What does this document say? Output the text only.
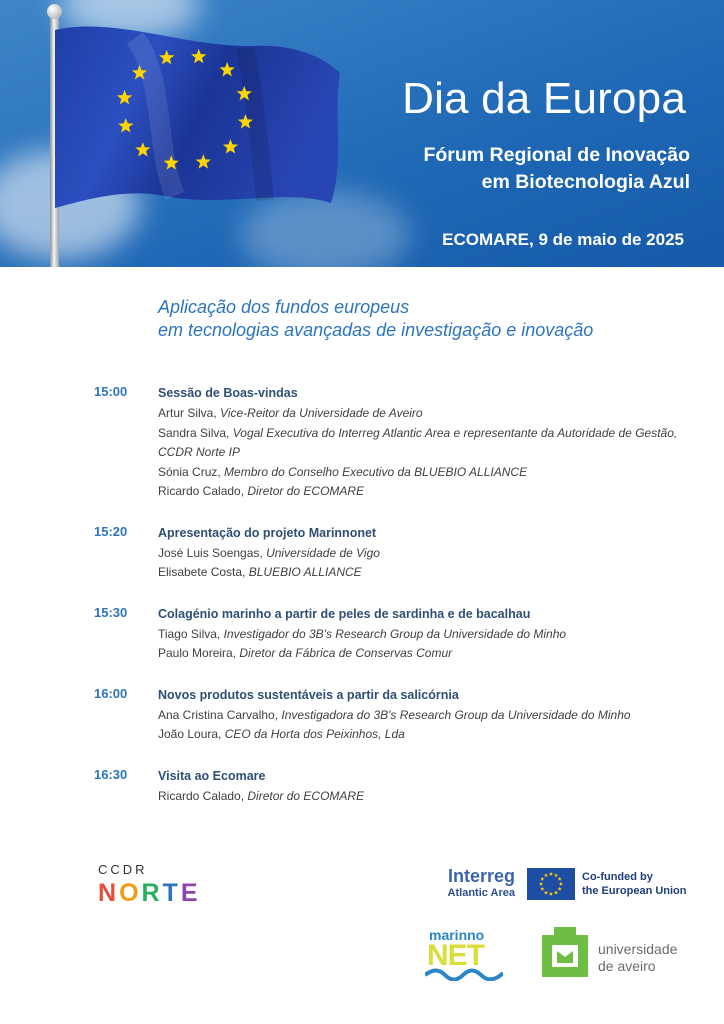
Dia da Europa
Fórum Regional de Inovação
em Biotecnologia Azul
ECOMARE, 9 de maio de 2025
Aplicação dos fundos europeus
em tecnologias avançadas de investigação e inovação
15:00 Sessão de Boas-vindas
Artur Silva, Vice-Reitor da Universidade de Aveiro
Sandra Silva, Vogal Executiva do Interreg Atlantic Area e representante da Autoridade de Gestão, CCDR Norte IP
Sónia Cruz, Membro do Conselho Executivo da BLUEBIO ALLIANCE
Ricardo Calado, Diretor do ECOMARE
15:20 Apresentação do projeto Marinnonet
José Luis Soengas, Universidade de Vigo
Elisabete Costa, BLUEBIO ALLIANCE
15:30 Colagénio marinho a partir de peles de sardinha e de bacalhau
Tiago Silva, Investigador do 3B's Research Group da Universidade do Minho
Paulo Moreira, Diretor da Fábrica de Conservas Comur
16:00 Novos produtos sustentáveis a partir da salicórnia
Ana Cristina Carvalho, Investigadora do 3B's Research Group da Universidade do Minho
João Loura, CEO da Horta dos Peixinhos, Lda
16:30 Visita ao Ecomare
Ricardo Calado, Diretor do ECOMARE
CCDR
NORTE
Interreg
Atlantic Area
Co-funded by
the European Union
marinno
NET	universidade
de aveiro
